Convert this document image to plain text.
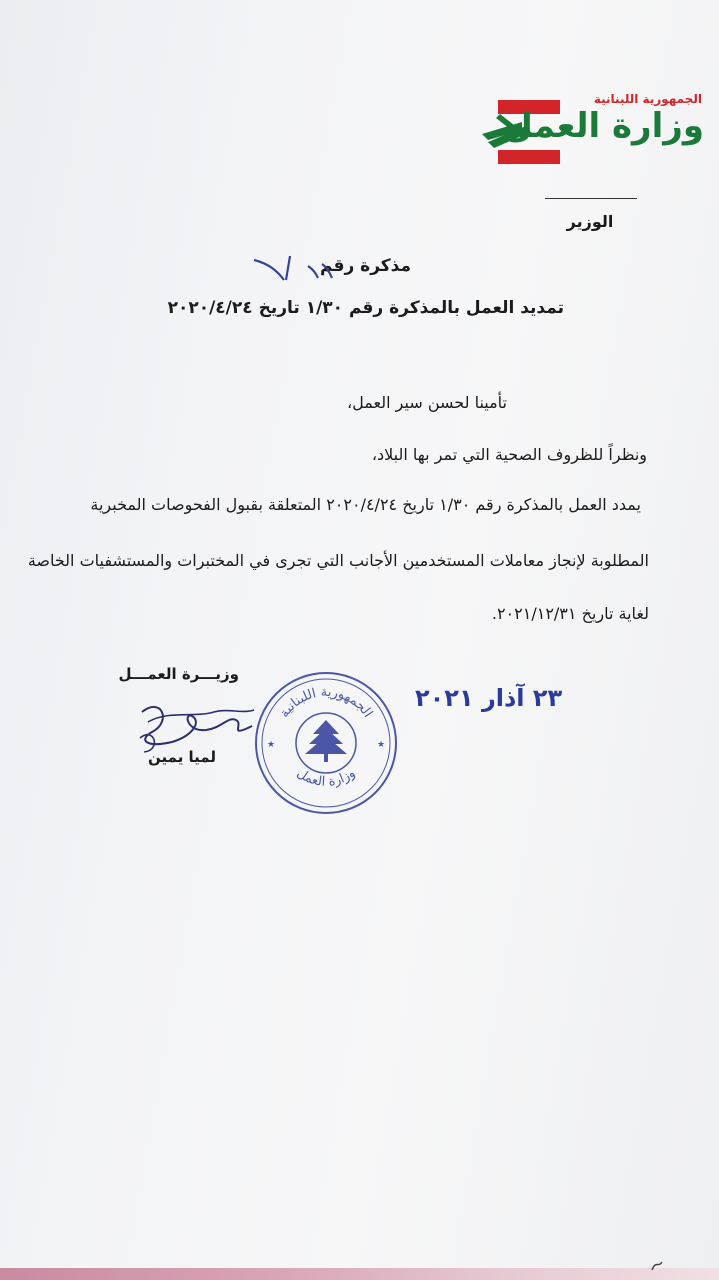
الجمهورية اللبنانية
وزارة العمل
الوزير
مذكرة رقم
تمديد العمل بالمذكرة رقم ١/٣٠ تاريخ ٢٠٢٠/٤/٢٤
تأمينا لحسن سير العمل،
ونظراً للظروف الصحية التي تمر بها البلاد،
يمدد العمل بالمذكرة رقم ١/٣٠ تاريخ ٢٠٢٠/٤/٢٤ المتعلقة بقبول الفحوصات المخبرية
المطلوبة لإنجاز معاملات المستخدمين الأجانب التي تجرى في المختبرات والمستشفيات الخاصة
لغاية تاريخ ٢٠٢١/١٢/٣١.
وزيـــرة العمـــل
لميا يمين
الجمهورية اللبنانية
وزارة العمل
★	★
٢٣ آذار ٢٠٢١
